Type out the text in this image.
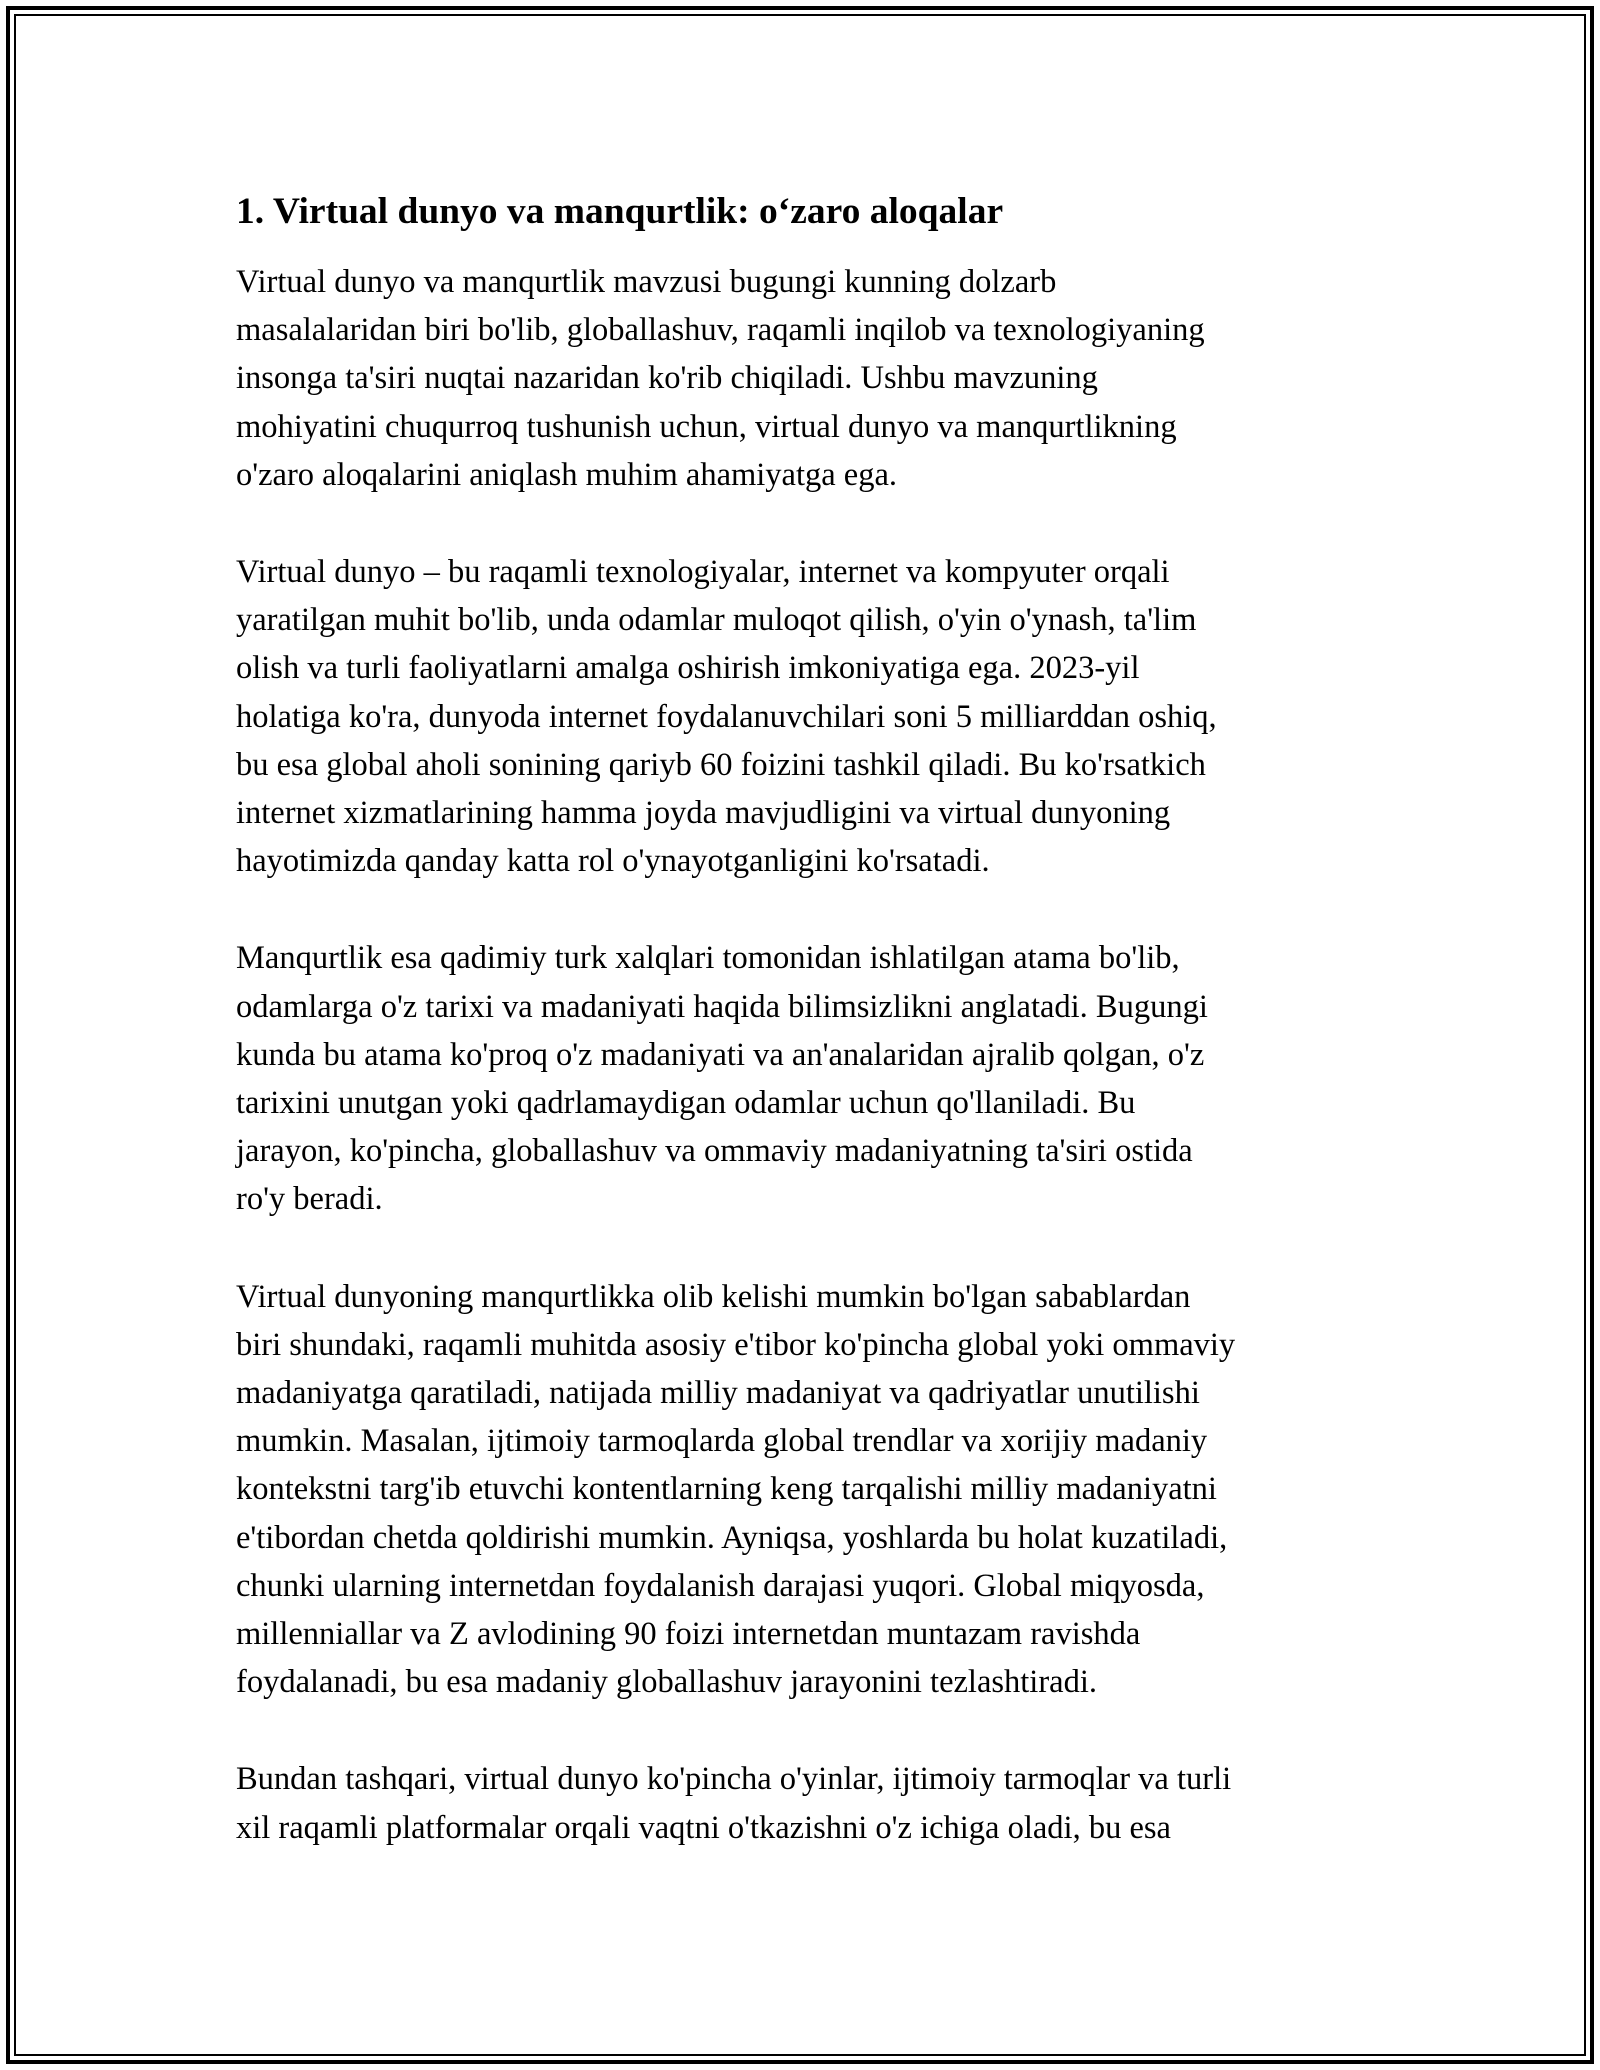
1. Virtual dunyo va manqurtlik: o‘zaro aloqalar

Virtual dunyo va manqurtlik mavzusi bugungi kunning dolzarb
masalalaridan biri bo'lib, globallashuv, raqamli inqilob va texnologiyaning
insonga ta'siri nuqtai nazaridan ko'rib chiqiladi. Ushbu mavzuning
mohiyatini chuqurroq tushunish uchun, virtual dunyo va manqurtlikning
o'zaro aloqalarini aniqlash muhim ahamiyatga ega.

Virtual dunyo – bu raqamli texnologiyalar, internet va kompyuter orqali
yaratilgan muhit bo'lib, unda odamlar muloqot qilish, o'yin o'ynash, ta'lim
olish va turli faoliyatlarni amalga oshirish imkoniyatiga ega. 2023-yil
holatiga ko'ra, dunyoda internet foydalanuvchilari soni 5 milliarddan oshiq,
bu esa global aholi sonining qariyb 60 foizini tashkil qiladi. Bu ko'rsatkich
internet xizmatlarining hamma joyda mavjudligini va virtual dunyoning
hayotimizda qanday katta rol o'ynayotganligini ko'rsatadi.

Manqurtlik esa qadimiy turk xalqlari tomonidan ishlatilgan atama bo'lib,
odamlarga o'z tarixi va madaniyati haqida bilimsizlikni anglatadi. Bugungi
kunda bu atama ko'proq o'z madaniyati va an'analaridan ajralib qolgan, o'z
tarixini unutgan yoki qadrlamaydigan odamlar uchun qo'llaniladi. Bu
jarayon, ko'pincha, globallashuv va ommaviy madaniyatning ta'siri ostida
ro'y beradi.

Virtual dunyoning manqurtlikka olib kelishi mumkin bo'lgan sabablardan
biri shundaki, raqamli muhitda asosiy e'tibor ko'pincha global yoki ommaviy
madaniyatga qaratiladi, natijada milliy madaniyat va qadriyatlar unutilishi
mumkin. Masalan, ijtimoiy tarmoqlarda global trendlar va xorijiy madaniy
kontekstni targ'ib etuvchi kontentlarning keng tarqalishi milliy madaniyatni
e'tibordan chetda qoldirishi mumkin. Ayniqsa, yoshlarda bu holat kuzatiladi,
chunki ularning internetdan foydalanish darajasi yuqori. Global miqyosda,
millenniallar va Z avlodining 90 foizi internetdan muntazam ravishda
foydalanadi, bu esa madaniy globallashuv jarayonini tezlashtiradi.

Bundan tashqari, virtual dunyo ko'pincha o'yinlar, ijtimoiy tarmoqlar va turli
xil raqamli platformalar orqali vaqtni o'tkazishni o'z ichiga oladi, bu esa
